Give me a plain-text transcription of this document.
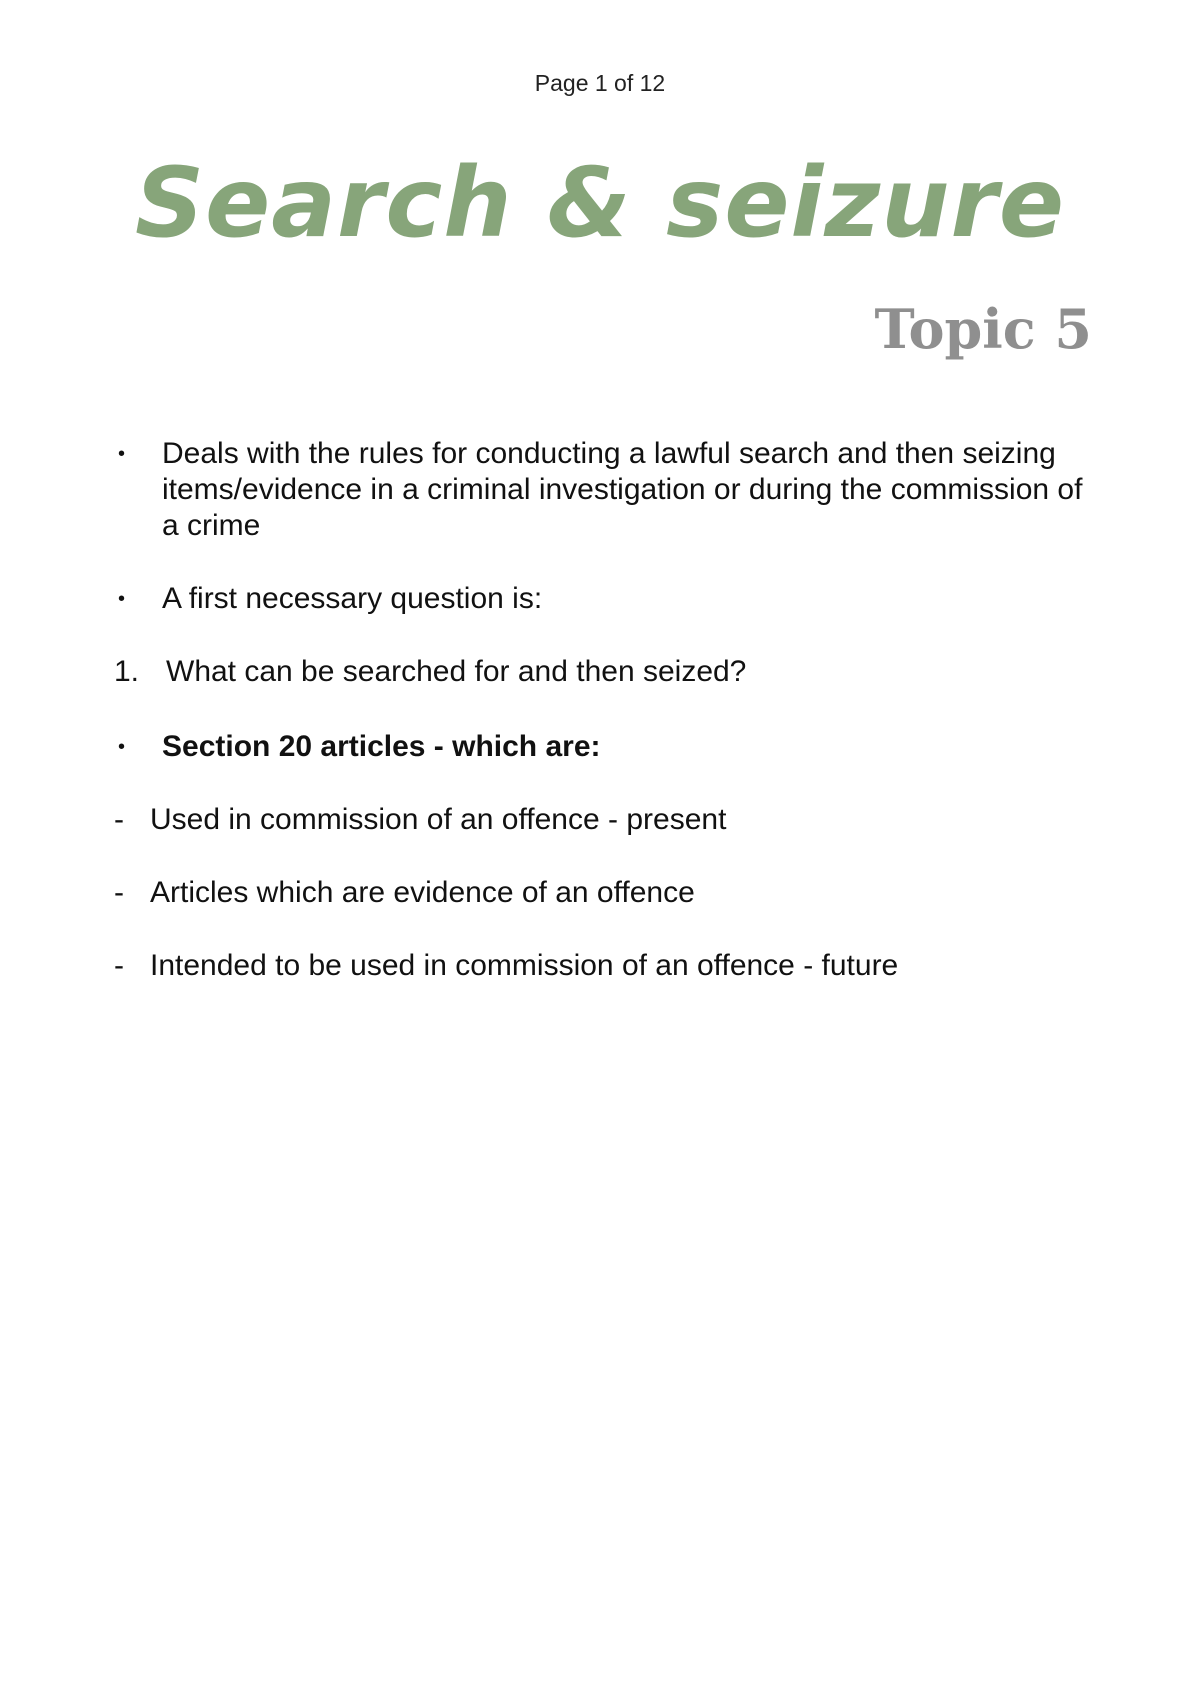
Page 1 of 12
Search & seizure
Topic 5
•	Deals with the rules for conducting a lawful search and then seizing items/evidence in a criminal investigation or during the commission of a crime
•	A first necessary question is:
1. What can be searched for and then seized?
•	Section 20 articles - which are:
- Used in commission of an offence - present
- Articles which are evidence of an offence
- Intended to be used in commission of an offence - future
